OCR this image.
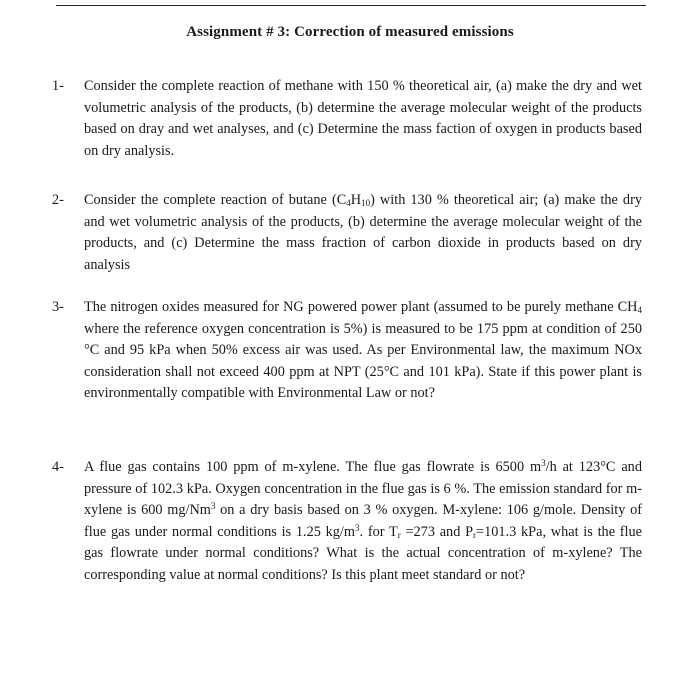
Assignment # 3: Correction of measured emissions
1-	Consider the complete reaction of methane with 150 % theoretical air, (a) make the dry and wet volumetric analysis of the products, (b) determine the average molecular weight of the products based on dray and wet analyses, and (c) Determine the mass faction of oxygen in products based on dry analysis.
2-	Consider the complete reaction of butane $(C_4H_{10})$ with 130 % theoretical air; (a) make the dry and wet volumetric analysis of the products, (b) determine the average molecular weight of the products, and (c) Determine the mass fraction of carbon dioxide in products based on dry analysis
3-	The nitrogen oxides measured for NG powered power plant (assumed to be purely methane $CH_4$ where the reference oxygen concentration is 5%) is measured to be 175 ppm at condition of 250 °C and 95 kPa when 50% excess air was used. As per Environmental law, the maximum NOx consideration shall not exceed 400 ppm at NPT (25°C and 101 kPa). State if this power plant is environmentally compatible with Environmental Law or not?
4-	A flue gas contains 100 ppm of m-xylene. The flue gas flowrate is 6500 $m^3/h$ at 123°C and pressure of 102.3 kPa. Oxygen concentration in the flue gas is 6 %. The emission standard for m-xylene is 600 mg/Nm$^3$ on a dry basis based on 3 % oxygen. M-xylene: 106 g/mole. Density of flue gas under normal conditions is 1.25 $kg/m^3$. for $T_r =273$ and $P_r=101.3$ kPa, what is the flue gas flowrate under normal conditions? What is the actual concentration of m-xylene? The corresponding value at normal conditions? Is this plant meet standard or not?
